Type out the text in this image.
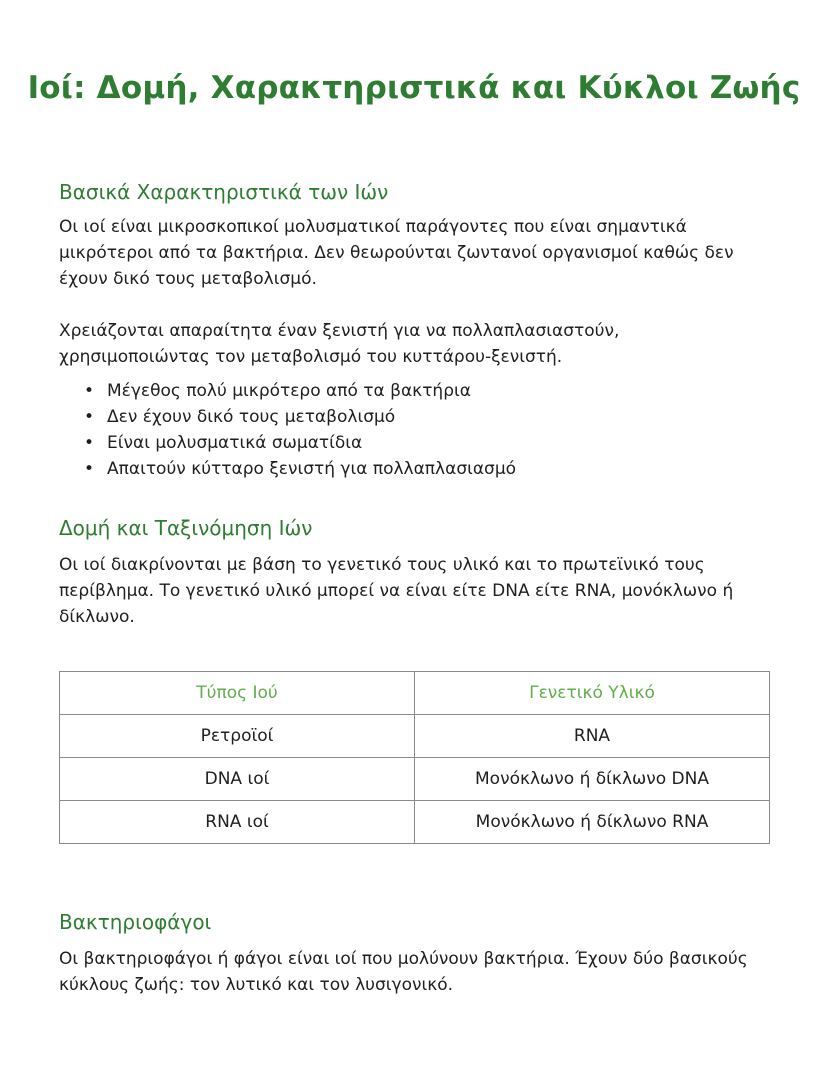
Ιοί: Δομή, Χαρακτηριστικά και Κύκλοι Ζωής
Βασικά Χαρακτηριστικά των Ιών

Οι ιοί είναι μικροσκοπικοί μολυσματικοί παράγοντες που είναι σημαντικά μικρότεροι από τα βακτήρια. Δεν θεωρούνται ζωντανοί οργανισμοί καθώς δεν έχουν δικό τους μεταβολισμό.

Χρειάζονται απαραίτητα έναν ξενιστή για να πολλαπλασιαστούν, χρησιμοποιώντας τον μεταβολισμό του κυττάρου-ξενιστή.

• Μέγεθος πολύ μικρότερο από τα βακτήρια
• Δεν έχουν δικό τους μεταβολισμό
• Είναι μολυσματικά σωματίδια
• Απαιτούν κύτταρο ξενιστή για πολλαπλασιασμό
Δομή και Ταξινόμηση Ιών

Οι ιοί διακρίνονται με βάση το γενετικό τους υλικό και το πρωτεϊνικό τους περίβλημα. Το γενετικό υλικό μπορεί να είναι είτε DNA είτε RNA, μονόκλωνο ή δίκλωνο.

Τύπος Ιού	Γενετικό Υλικό
Ρετροϊοί	RNA
DNA ιοί	Μονόκλωνο ή δίκλωνο DNA
RNA ιοί	Μονόκλωνο ή δίκλωνο RNA
Βακτηριοφάγοι

Οι βακτηριοφάγοι ή φάγοι είναι ιοί που μολύνουν βακτήρια. Έχουν δύο βασικούς κύκλους ζωής: τον λυτικό και τον λυσιγονικό.
